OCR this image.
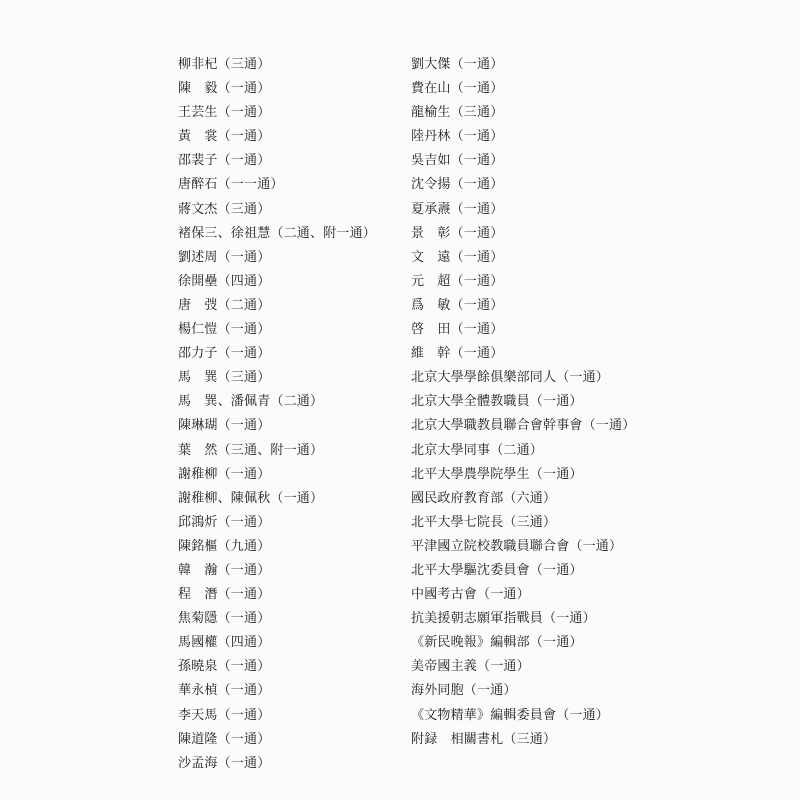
柳非杞（三通）
陳　毅（一通）
王芸生（一通）
黃　裳（一通）
邵裴子（一通）
唐醉石（一一通）
蔣文杰（三通）
褚保三、徐祖慧（二通、附一通）
劉述周（一通）
徐開壘（四通）
唐　弢（二通）
楊仁愷（一通）
邵力子（一通）
馬　巽（三通）
馬　巽、潘佩青（二通）
陳琳瑚（一通）
葉　然（三通、附一通）
謝稚柳（一通）
謝稚柳、陳佩秋（一通）
邱鴻炘（一通）
陳銘樞（九通）
韓　瀚（一通）
程　潛（一通）
焦菊隱（一通）
馬國權（四通）
孫曉泉（一通）
華永楨（一通）
李天馬（一通）
陳道隆（一通）
沙孟海（一通）
劉大傑（一通）
費在山（一通）
龍榆生（三通）
陸丹林（一通）
吳吉如（一通）
沈令揚（一通）
夏承燾（一通）
景　彰（一通）
文　遠（一通）
元　超（一通）
爲　敏（一通）
啓　田（一通）
維　幹（一通）
北京大學學餘俱樂部同人（一通）
北京大學全體教職員（一通）
北京大學職教員聯合會幹事會（一通）
北京大學同事（二通）
北平大學農學院學生（一通）
國民政府教育部（六通）
北平大學七院長（三通）
平津國立院校教職員聯合會（一通）
北平大學驅沈委員會（一通）
中國考古會（一通）
抗美援朝志願軍指戰員（一通）
《新民晚報》編輯部（一通）
美帝國主義（一通）
海外同胞（一通）
《文物精華》編輯委員會（一通）
附録　相關書札（三通）
